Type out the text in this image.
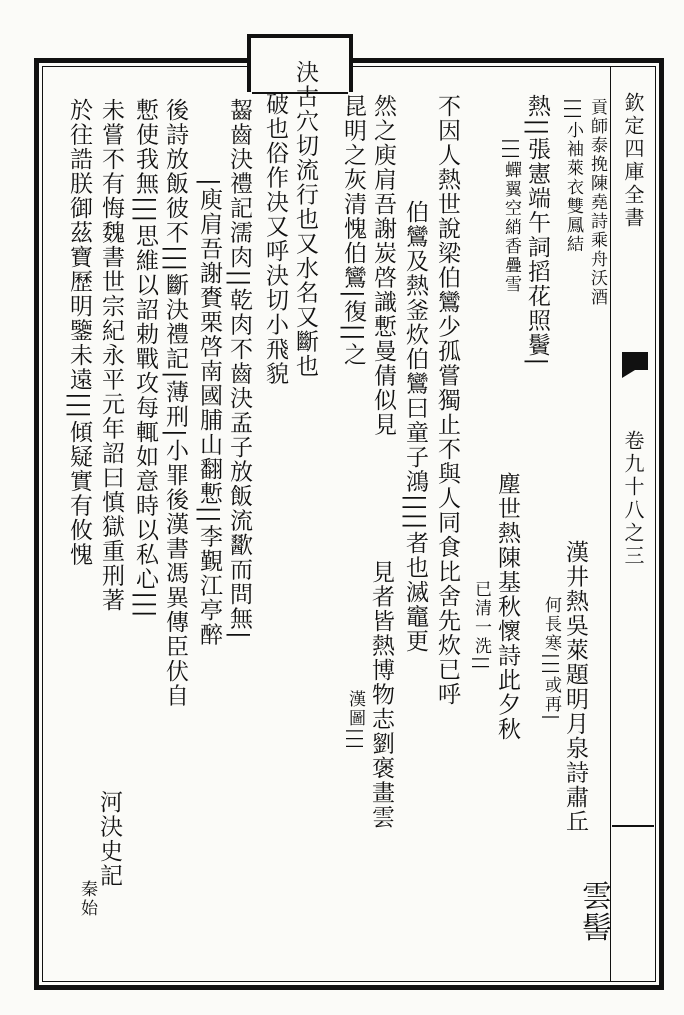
欽定四庫全書
卷九十八之三
貢師泰挽陳堯詩乘舟沃酒
|||小袖萊衣雙鳳結
熱||張憲端午詞搯花照鬢|
|||蟬翼空綃香疊雪
漢井熱吳萊題明月泉詩肅丘
何長寒|||或再|
雲髻
塵世熱陳基秋懷詩此夕秋
已清一洗||
不因人熱世說梁伯鸞少孤嘗獨止不與人同食比舍先炊已呼
伯鸞及熱釜炊伯鸞曰童子鴻||||者也滅竈更
然之庾肩吾謝炭啓識慙曼倩似見
昆明之灰清愧伯鸞|復||之
見者皆熱博物志劉褒畫雲
漢圖|||
決古穴切流行也又水名又斷也
破也俗作决又呼決切小飛貌
齧齒決禮記濡肉||乾肉不齒決孟子放飯流歠而問無|
|庾肩吾謝賚栗啓南國脯山翻慙||李覲江亭醉
後詩放飯彼不|||斷決禮記|薄刑|小罪後漢書馮異傳臣伏自
慙使我無|||思維以詔勅戰攻每輒如意時以私心|||
未嘗不有悔魏書世宗紀永平元年詔曰慎獄重刑著
於往誥朕御茲寶歷明鑒未遠|||傾疑實有攸愧
河決史記
秦始
